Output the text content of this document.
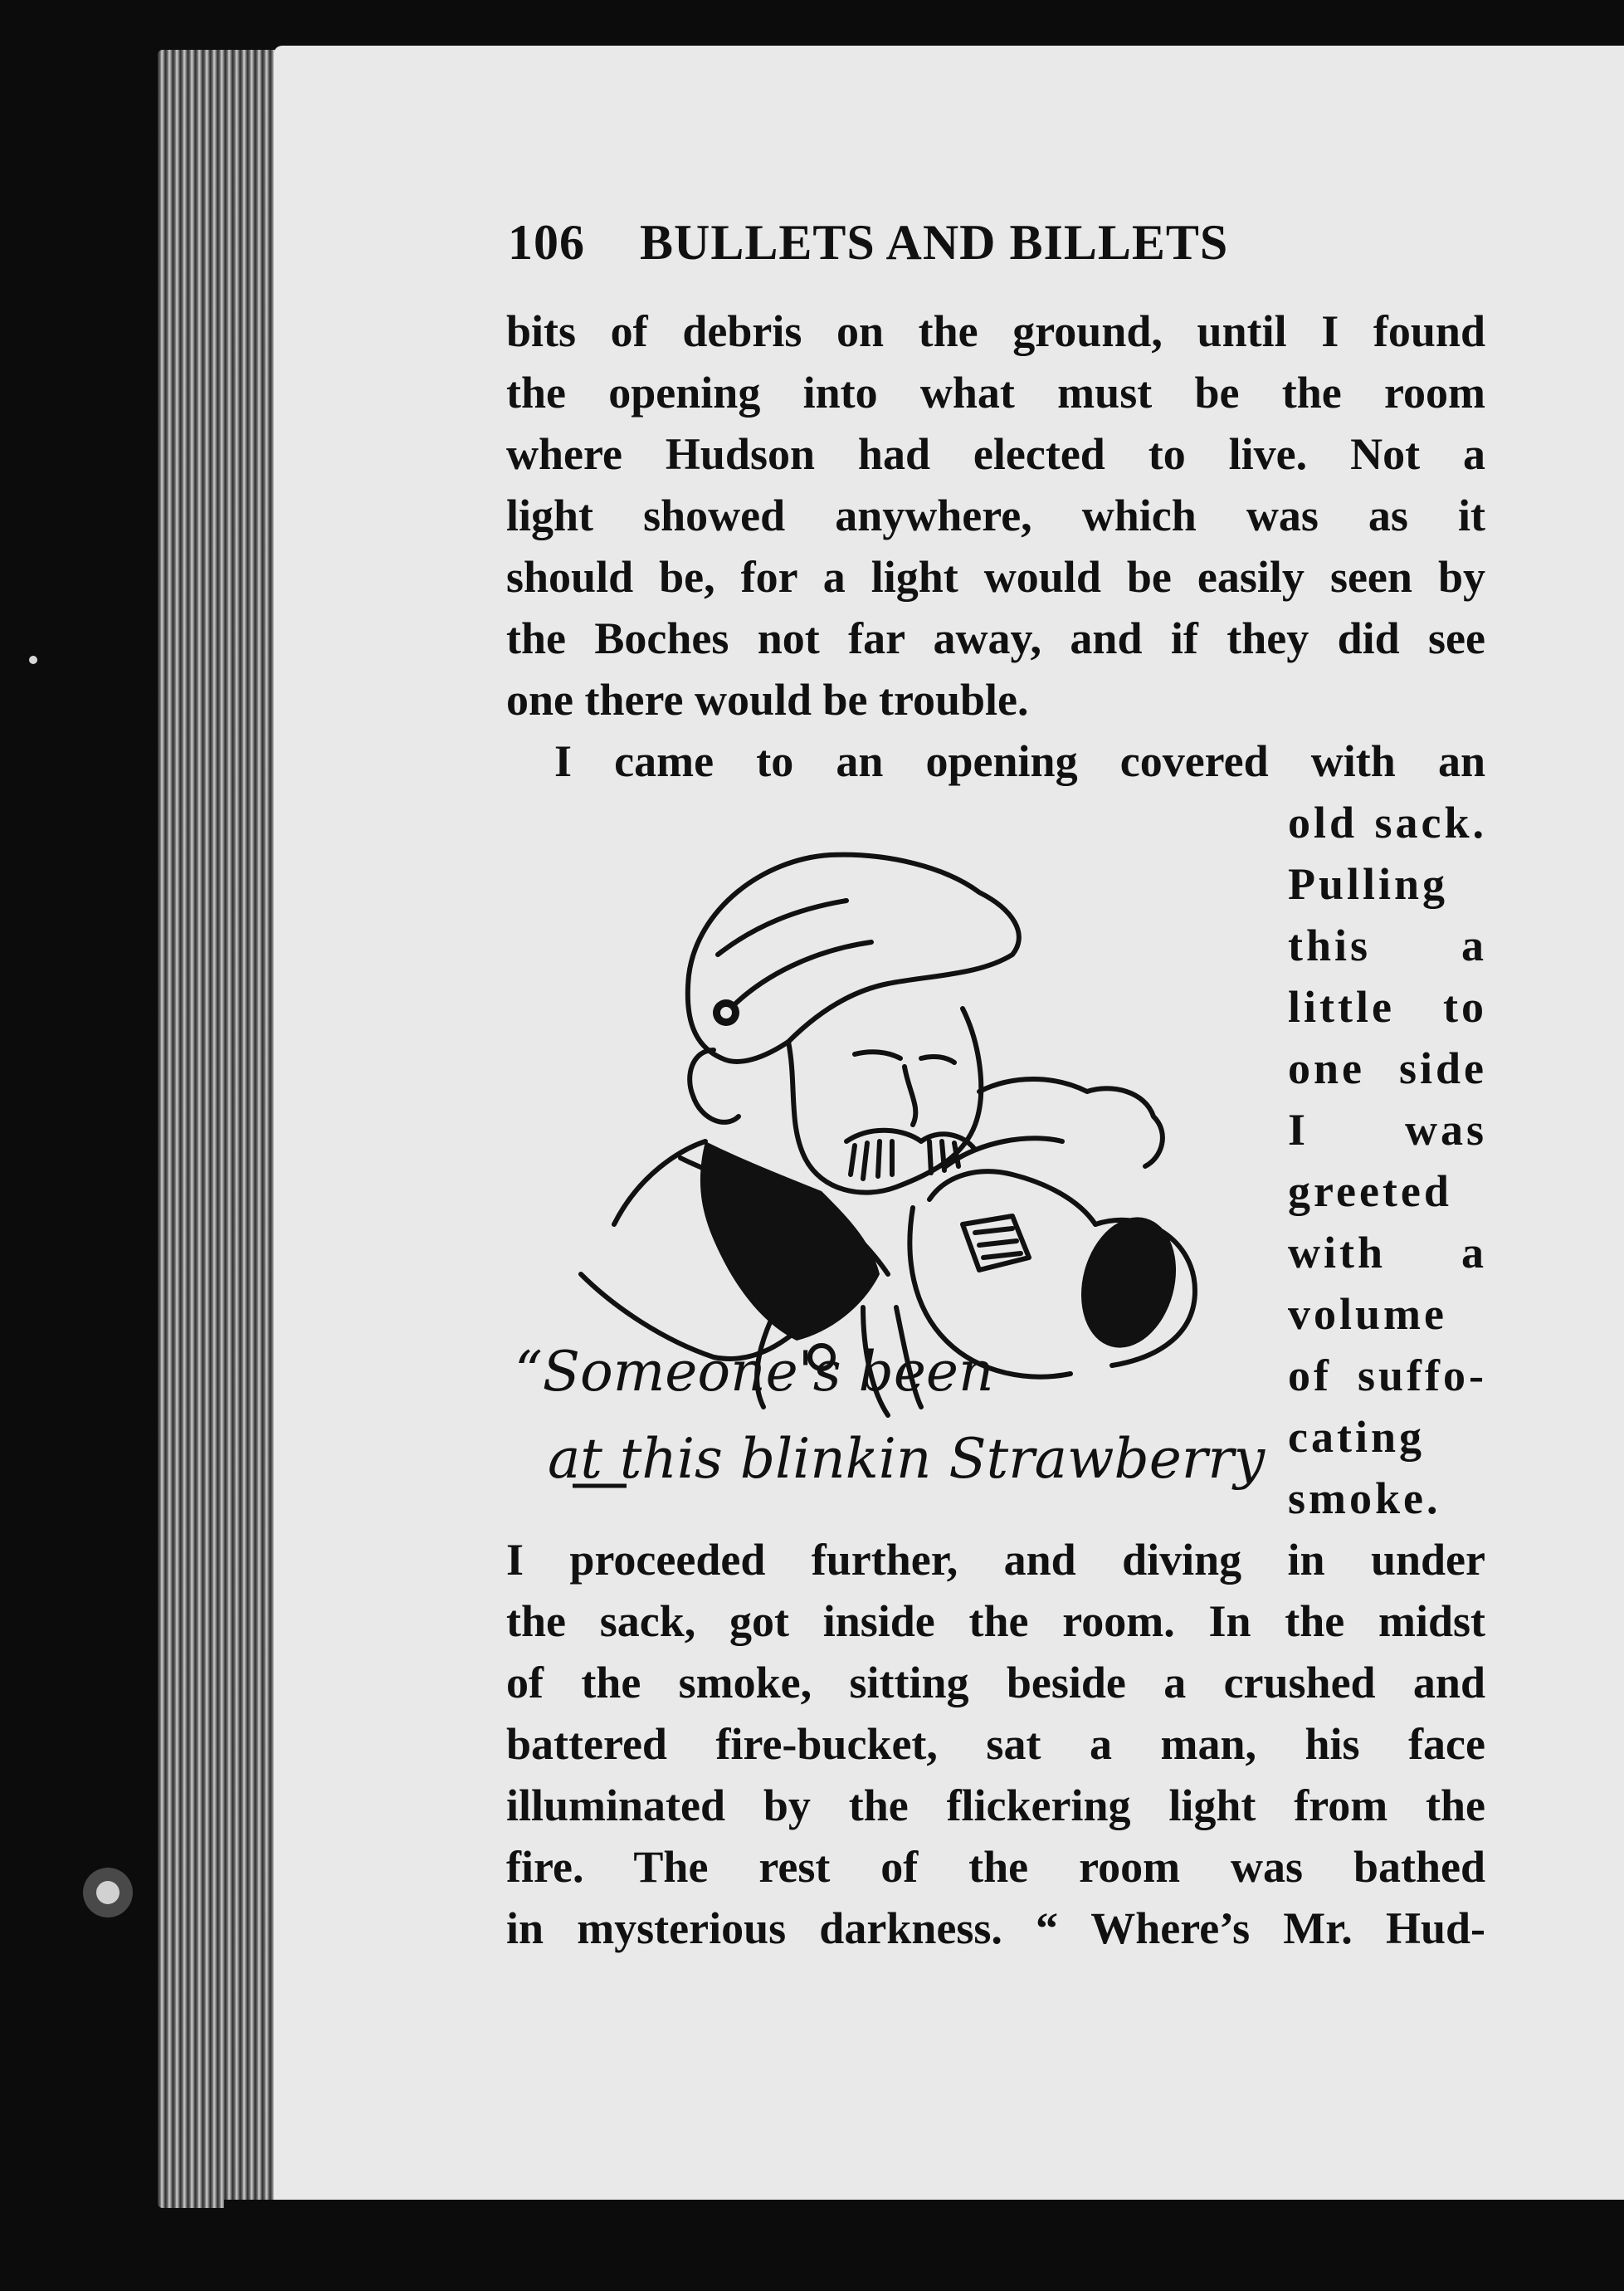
106 BULLETS AND BILLETS
bits of debris on the ground, until I found
the opening into what must be the room
where Hudson had elected to live. Not a
light showed anywhere, which was as it
should be, for a light would be easily seen by
the Boches not far away, and if they did see
one there would be trouble.
I came to an opening covered with an
old sack.
Pulling
this a
little to
one side
I was
greeted
with a
volume
of suffo-
cating
smoke.
I proceeded further, and diving in under
the sack, got inside the room. In the midst
of the smoke, sitting beside a crushed and
battered fire-bucket, sat a man, his face
illuminated by the flickering light from the
fire. The rest of the room was bathed
in mysterious darkness. “ Where’s Mr. Hud-
“Someone's been
at this blinkin Strawberry
